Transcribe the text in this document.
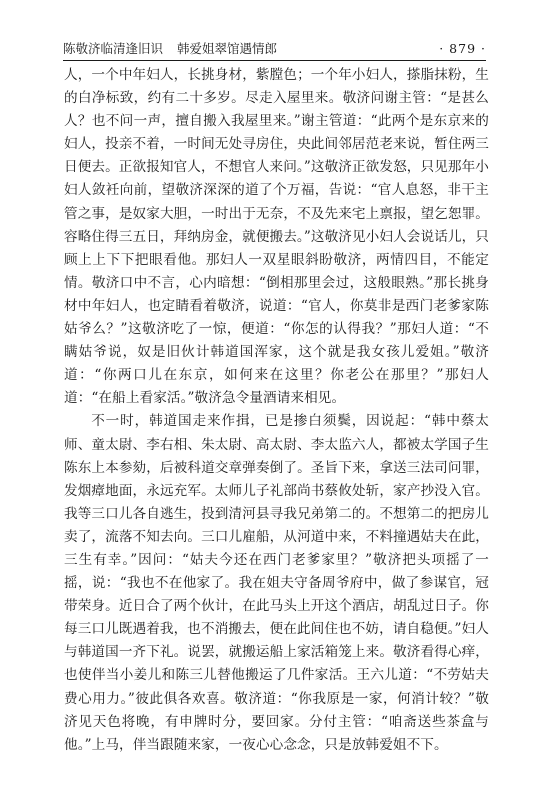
陈敬济临清逢旧识 韩爱姐翠馆遇情郎	· 879 ·

人，一个中年妇人，长挑身材，紫膛色；一个年小妇人，搽脂抹粉，生的白净标致，约有二十多岁。尽走入屋里来。敬济问谢主管：“是甚么人？也不问一声，擅自搬入我屋里来。”谢主管道：“此两个是东京来的妇人，投亲不着，一时间无处寻房住，央此间邻居范老来说，暂住两三日便去。正欲报知官人，不想官人来问。”这敬济正欲发怒，只见那年小妇人敛衽向前，望敬济深深的道了个万福，告说：“官人息怒，非干主管之事，是奴家大胆，一时出于无奈，不及先来宅上禀报，望乞恕罪。容略住得三五日，拜纳房金，就便搬去。”这敬济见小妇人会说话儿，只顾上上下下把眼看他。那妇人一双星眼斜盼敬济，两情四目，不能定情。敬济口中不言，心内暗想：“倒相那里会过，这般眼熟。”那长挑身材中年妇人，也定睛看着敬济，说道：“官人，你莫非是西门老爹家陈姑爷么？”这敬济吃了一惊，便道：“你怎的认得我？”那妇人道：“不瞒姑爷说，奴是旧伙计韩道国浑家，这个就是我女孩儿爱姐。”敬济道：“你两口儿在东京，如何来在这里？你老公在那里？”那妇人道：“在船上看家活。”敬济急令量酒请来相见。

不一时，韩道国走来作揖，已是掺白须鬓，因说起：“韩中蔡太师、童太尉、李右相、朱太尉、高太尉、李太监六人，都被太学国子生陈东上本参劾，后被科道交章弹奏倒了。圣旨下来，拿送三法司问罪，发烟瘴地面，永远充军。太师儿子礼部尚书蔡攸处斩，家产抄没入官。我等三口儿各自逃生，投到清河县寻我兄弟第二的。不想第二的把房儿卖了，流落不知去向。三口儿雇船，从河道中来，不料撞遇姑夫在此，三生有幸。”因问：“姑夫今还在西门老爹家里？”敬济把头项摇了一摇，说：“我也不在他家了。我在姐夫守备周爷府中，做了参谋官，冠带荣身。近日合了两个伙计，在此马头上开这个酒店，胡乱过日子。你每三口儿既遇着我，也不消搬去，便在此间住也不妨，请自稳便。”妇人与韩道国一齐下礼。说罢，就搬运船上家活箱笼上来。敬济看得心痒，也使伴当小姜儿和陈三儿替他搬运了几件家活。王六儿道：“不劳姑夫费心用力。”彼此俱各欢喜。敬济道：“你我原是一家，何消计较？”敬济见天色将晚，有申牌时分，要回家。分付主管：“咱斋送些茶盒与他。”上马，伴当跟随来家，一夜心心念念，只是放韩爱姐不下。
